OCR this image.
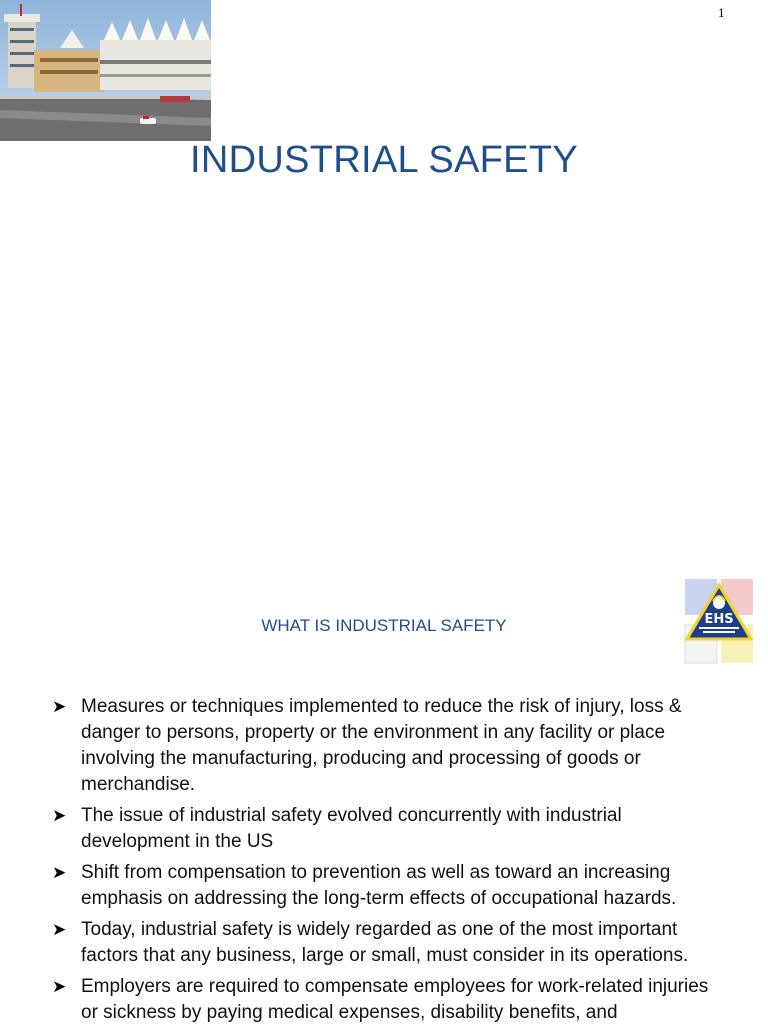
1
INDUSTRIAL SAFETY
WHAT IS INDUSTRIAL SAFETY	EHS
➤ Measures or techniques implemented to reduce the risk of injury, loss & danger to persons, property or the environment in any facility or place involving the manufacturing, producing and processing of goods or merchandise.
➤ The issue of industrial safety evolved concurrently with industrial development in the US
➤ Shift from compensation to prevention as well as toward an increasing emphasis on addressing the long-term effects of occupational hazards.
➤ Today, industrial safety is widely regarded as one of the most important factors that any business, large or small, must consider in its operations.
➤ Employers are required to compensate employees for work-related injuries or sickness by paying medical expenses, disability benefits, and
